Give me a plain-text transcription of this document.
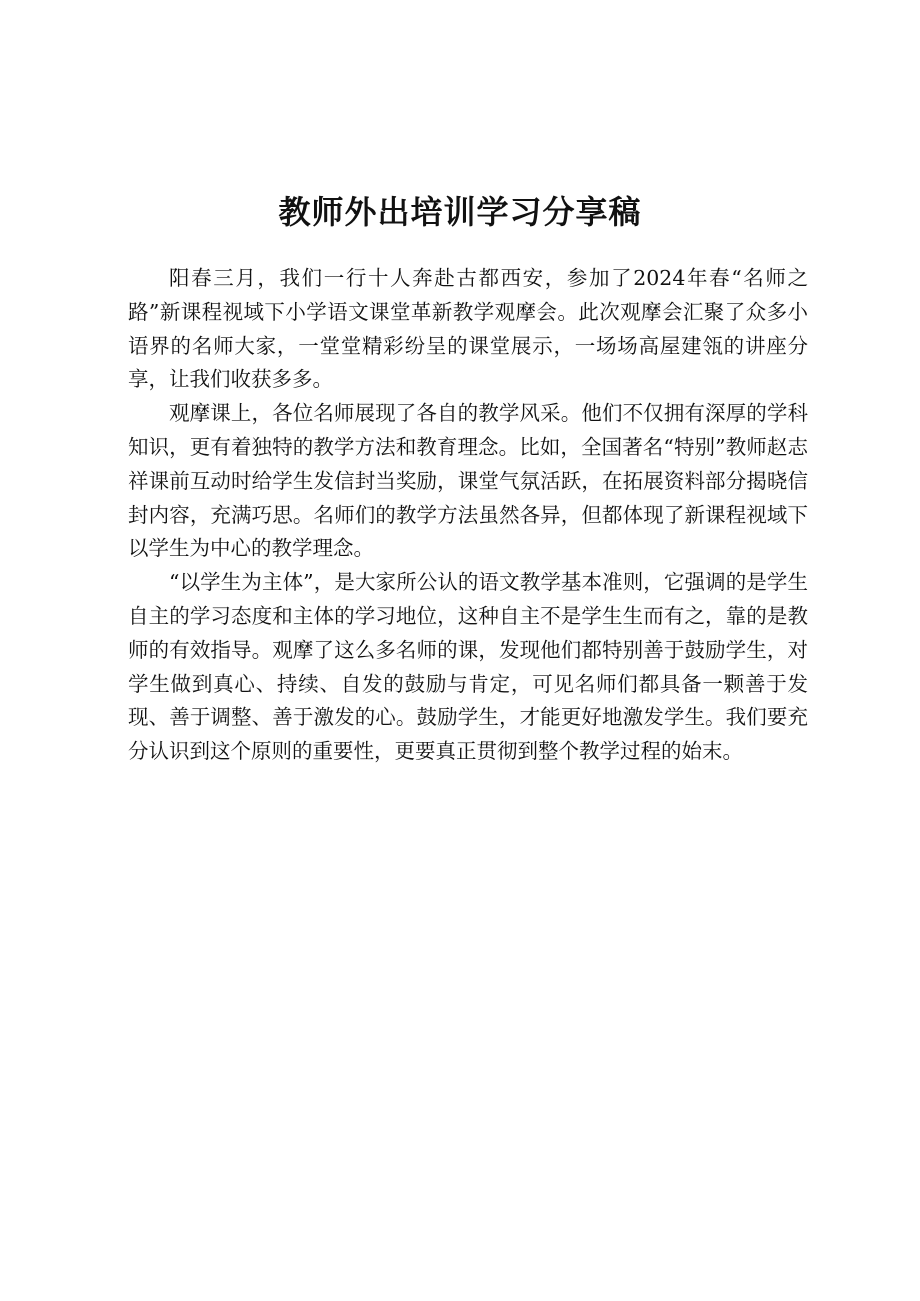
教师外出培训学习分享稿

阳春三月，我们一行十人奔赴古都西安，参加了2024年春“名师之路”新课程视域下小学语文课堂革新教学观摩会。此次观摩会汇聚了众多小语界的名师大家，一堂堂精彩纷呈的课堂展示，一场场高屋建瓴的讲座分享，让我们收获多多。

观摩课上，各位名师展现了各自的教学风采。他们不仅拥有深厚的学科知识，更有着独特的教学方法和教育理念。比如，全国著名“特别”教师赵志祥课前互动时给学生发信封当奖励，课堂气氛活跃，在拓展资料部分揭晓信封内容，充满巧思。名师们的教学方法虽然各异，但都体现了新课程视域下以学生为中心的教学理念。

“以学生为主体”，是大家所公认的语文教学基本准则，它强调的是学生自主的学习态度和主体的学习地位，这种自主不是学生生而有之，靠的是教师的有效指导。观摩了这么多名师的课，发现他们都特别善于鼓励学生，对学生做到真心、持续、自发的鼓励与肯定，可见名师们都具备一颗善于发现、善于调整、善于激发的心。鼓励学生，才能更好地激发学生。我们要充分认识到这个原则的重要性，更要真正贯彻到整个教学过程的始末。
